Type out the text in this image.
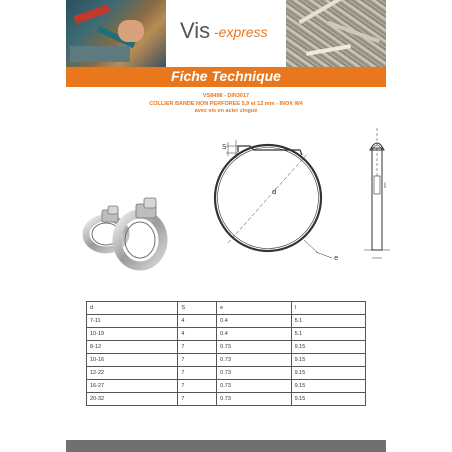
Vis -express
Fiche Technique
VS8498 - DIN3017
COLLIER BANDE NON PERFOREE 5,9 et 12 mm - INOX W4
avec vis en acier zingué
S
d
e
l
d	S	e	l
7-11	4	0.4	5.1
10-19	4	0.4	5.1
8-12	7	0.73	9.15
10-16	7	0.73	9.15
12-22	7	0.73	9.15
16-27	7	0.73	9.15
20-32	7	0.73	9.15
